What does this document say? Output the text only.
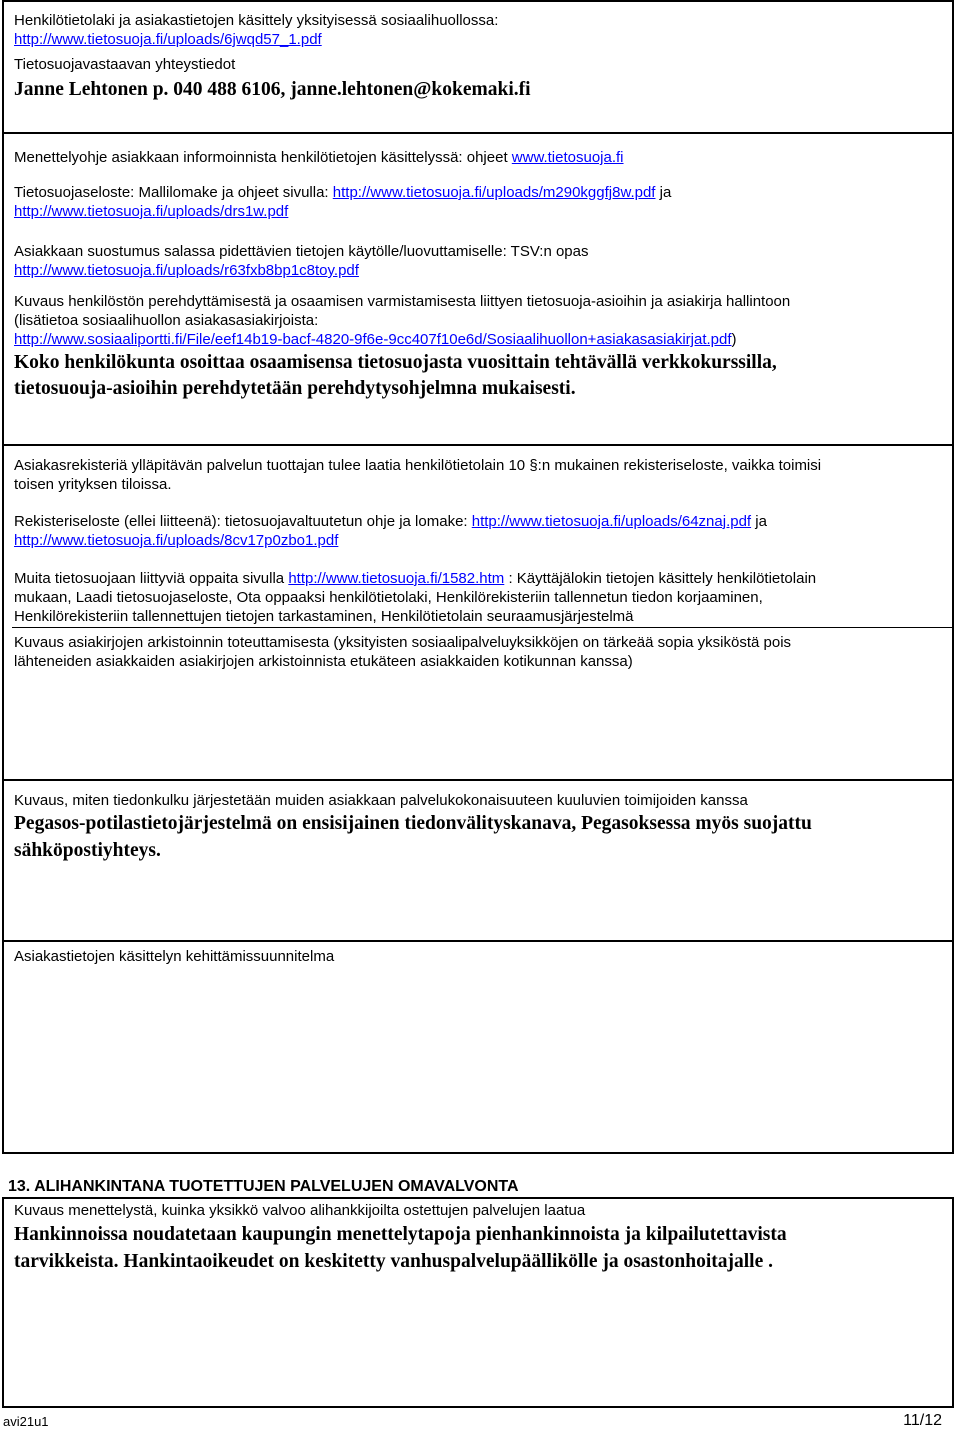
Henkilötietolaki ja asiakastietojen käsittely yksityisessä sosiaalihuollossa:
http://www.tietosuoja.fi/uploads/6jwqd57_1.pdf
Tietosuojavastaavan yhteystiedot
Janne Lehtonen p. 040 488 6106, janne.lehtonen@kokemaki.fi
Menettelyohje asiakkaan informoinnista henkilötietojen käsittelyssä: ohjeet www.tietosuoja.fi
Tietosuojaseloste: Mallilomake ja ohjeet sivulla: http://www.tietosuoja.fi/uploads/m290kggfj8w.pdf ja
http://www.tietosuoja.fi/uploads/drs1w.pdf
Asiakkaan suostumus salassa pidettävien tietojen käytölle/luovuttamiselle: TSV:n opas
http://www.tietosuoja.fi/uploads/r63fxb8bp1c8toy.pdf
Kuvaus henkilöstön perehdyttämisestä ja osaamisen varmistamisesta liittyen tietosuoja-asioihin ja asiakirja hallintoon
(lisätietoa sosiaalihuollon asiakasasiakirjoista:
http://www.sosiaaliportti.fi/File/eef14b19-bacf-4820-9f6e-9cc407f10e6d/Sosiaalihuollon+asiakasasiakirjat.pdf)
Koko henkilökunta osoittaa osaamisensa tietosuojasta vuosittain tehtävällä verkkokurssilla,
tietosuouja-asioihin perehdytetään perehdytysohjelmna mukaisesti.
Asiakasrekisteriä ylläpitävän palvelun tuottajan tulee laatia henkilötietolain 10 §:n mukainen rekisteriseloste, vaikka toimisi
toisen yrityksen tiloissa.
Rekisteriseloste (ellei liitteenä): tietosuojavaltuutetun ohje ja lomake: http://www.tietosuoja.fi/uploads/64znaj.pdf ja
http://www.tietosuoja.fi/uploads/8cv17p0zbo1.pdf
Muita tietosuojaan liittyviä oppaita sivulla http://www.tietosuoja.fi/1582.htm : Käyttäjälokin tietojen käsittely henkilötietolain
mukaan, Laadi tietosuojaseloste, Ota oppaaksi henkilötietolaki, Henkilörekisteriin tallennetun tiedon korjaaminen,
Henkilörekisteriin tallennettujen tietojen tarkastaminen, Henkilötietolain seuraamusjärjestelmä
Kuvaus asiakirjojen arkistoinnin toteuttamisesta (yksityisten sosiaalipalveluyksikköjen on tärkeää sopia yksiköstä pois
lähteneiden asiakkaiden asiakirjojen arkistoinnista etukäteen asiakkaiden kotikunnan kanssa)
Kuvaus, miten tiedonkulku järjestetään muiden asiakkaan palvelukokonaisuuteen kuuluvien toimijoiden kanssa
Pegasos-potilastietojärjestelmä on ensisijainen tiedonvälityskanava, Pegasoksessa myös suojattu
sähköpostiyhteys.
Asiakastietojen käsittelyn kehittämissuunnitelma
13. ALIHANKINTANA TUOTETTUJEN PALVELUJEN OMAVALVONTA
Kuvaus menettelystä, kuinka yksikkö valvoo alihankkijoilta ostettujen palvelujen laatua
Hankinnoissa noudatetaan kaupungin menettelytapoja pienhankinnoista ja kilpailutettavista
tarvikkeista. Hankintaoikeudet on keskitetty vanhuspalvelupäällikölle ja osastonhoitajalle .
avi21u1	11/12
